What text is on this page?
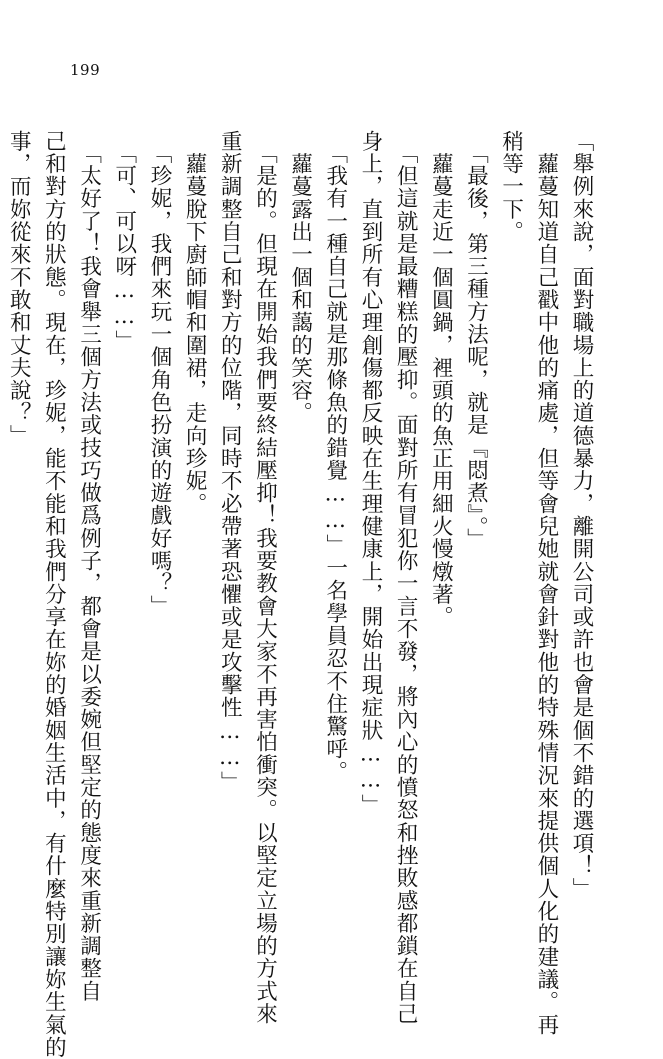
199
「舉例來說，面對職場上的道德暴力，離開公司或許也會是個不錯的選項！」
　蘿蔓知道自己戳中他的痛處，但等會兒她就會針對他的特殊情況來提供個人化的建議。再
稍等一下。
　「最後，第三種方法呢，就是『悶煮』。」
　蘿蔓走近一個圓鍋，裡頭的魚正用細火慢燉著。
　「但這就是最糟糕的壓抑。面對所有冒犯你一言不發，將內心的憤怒和挫敗感都鎖在自己
身上，直到所有心理創傷都反映在生理健康上，開始出現症狀……」
　「我有一種自己就是那條魚的錯覺……」一名學員忍不住驚呼。
　蘿蔓露出一個和藹的笑容。
　「是的。但現在開始我們要終結壓抑！我要教會大家不再害怕衝突。以堅定立場的方式來
重新調整自己和對方的位階，同時不必帶著恐懼或是攻擊性……」
　蘿蔓脫下廚師帽和圍裙，走向珍妮。
　「珍妮，我們來玩一個角色扮演的遊戲好嗎？」
　「可、可以呀……」
　「太好了！我會舉三個方法或技巧做爲例子，都會是以委婉但堅定的態度來重新調整自
己和對方的狀態。現在，珍妮，能不能和我們分享在妳的婚姻生活中，有什麼特別讓妳生氣的
事，而妳從來不敢和丈夫說？」
